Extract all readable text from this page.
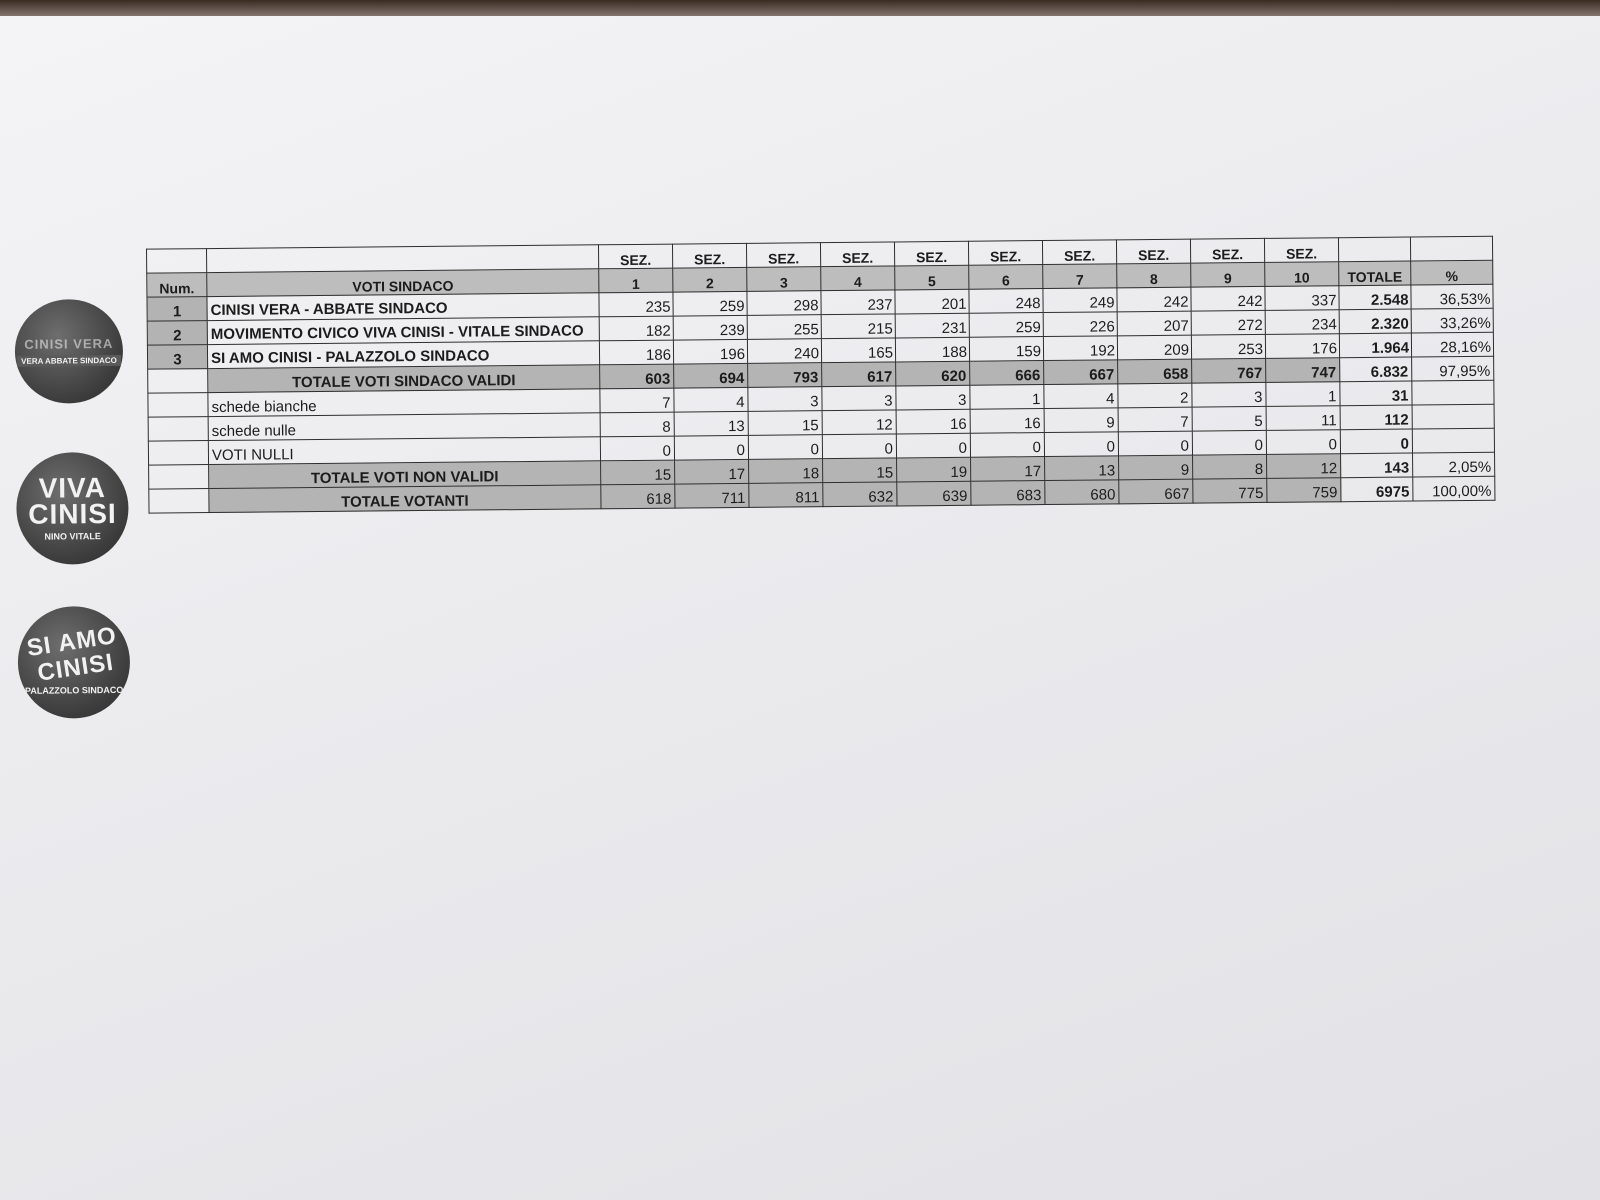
CINISI VERA
VERA ABBATE SINDACO
VIVA CINISI
NINO VITALE
SI AMO CINISI
PALAZZOLO SINDACO
		SEZ.	SEZ.	SEZ.	SEZ.	SEZ.	SEZ.	SEZ.	SEZ.	SEZ.	SEZ.		
Num.	VOTI SINDACO	1	2	3	4	5	6	7	8	9	10	TOTALE	%
1	CINISI VERA - ABBATE SINDACO	235	259	298	237	201	248	249	242	242	337	2.548	36,53%
2	MOVIMENTO CIVICO VIVA CINISI - VITALE SINDACO	182	239	255	215	231	259	226	207	272	234	2.320	33,26%
3	SI AMO CINISI - PALAZZOLO SINDACO	186	196	240	165	188	159	192	209	253	176	1.964	28,16%
	TOTALE VOTI SINDACO VALIDI	603	694	793	617	620	666	667	658	767	747	6.832	97,95%
	schede bianche	7	4	3	3	3	1	4	2	3	1	31	
	schede nulle	8	13	15	12	16	16	9	7	5	11	112	
	VOTI NULLI	0	0	0	0	0	0	0	0	0	0	0	
	TOTALE VOTI NON VALIDI	15	17	18	15	19	17	13	9	8	12	143	2,05%
	TOTALE VOTANTI	618	711	811	632	639	683	680	667	775	759	6975	100,00%
